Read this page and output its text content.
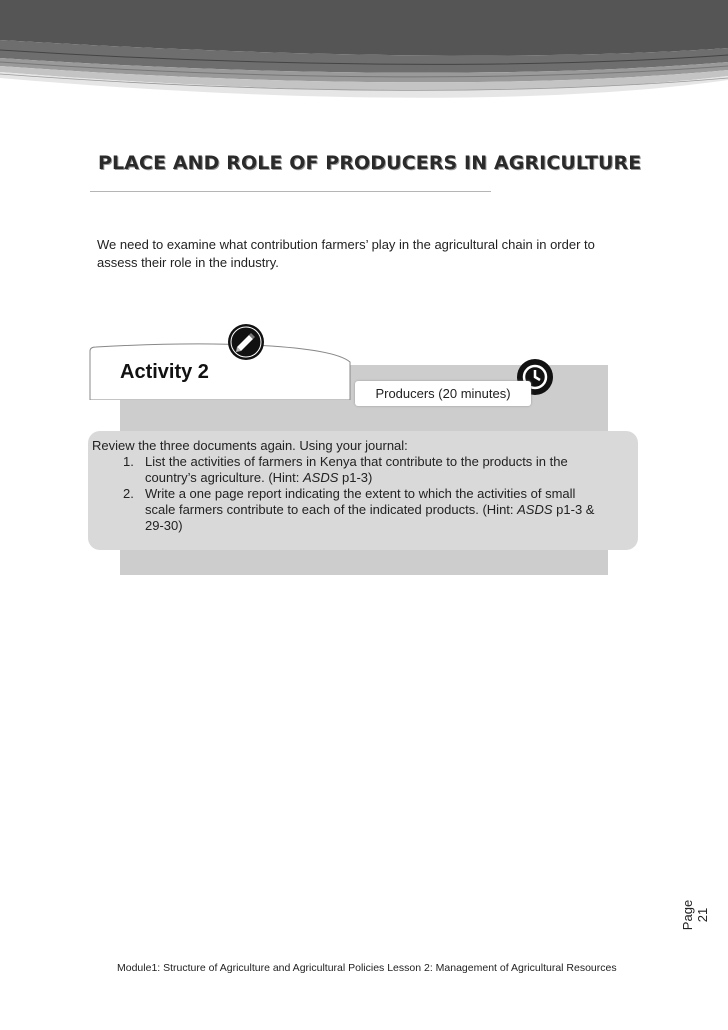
PLACE AND ROLE OF PRODUCERS IN AGRICULTURE

We need to examine what contribution farmers’ play in the agricultural chain in order to assess their role in the industry.

Activity 2
Producers (20 minutes)

Review the three documents again. Using your journal:

1. List the activities of farmers in Kenya that contribute to the products in the country’s agriculture. (Hint: ASDS p1-3)
2. Write a one page report indicating the extent to which the activities of small scale farmers contribute to each of the indicated products. (Hint: ASDS p1-3 & 29-30)
Page 21
Module1: Structure of Agriculture and Agricultural Policies Lesson 2: Management of Agricultural Resources
